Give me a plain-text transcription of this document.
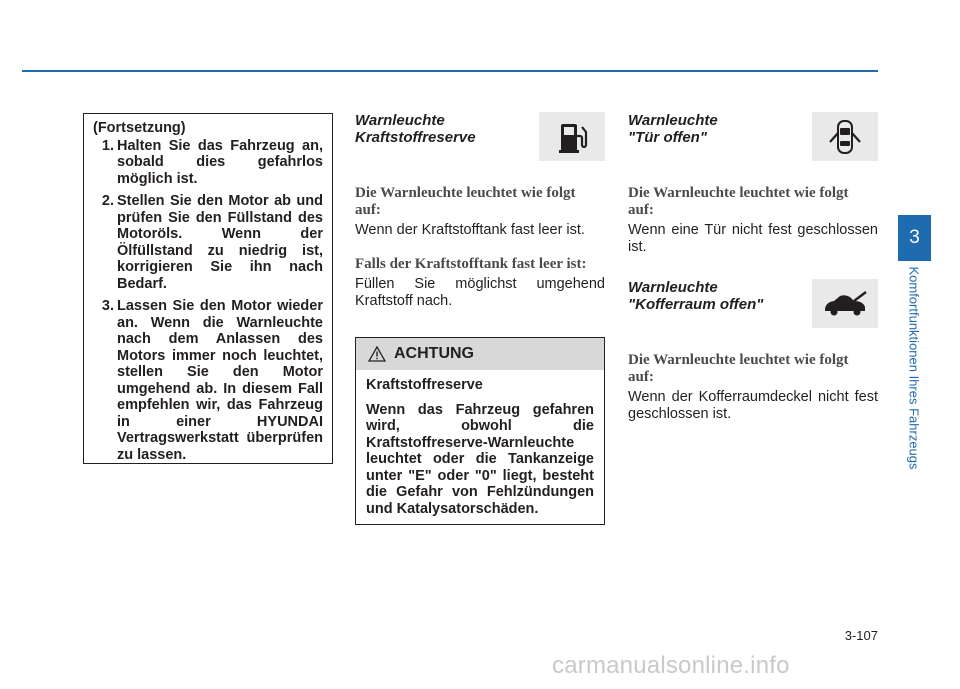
(Fortsetzung)
1. Halten Sie das Fahrzeug an, sobald dies gefahrlos möglich ist.
2. Stellen Sie den Motor ab und prüfen Sie den Füllstand des Motoröls. Wenn der Ölfüllstand zu niedrig ist, korrigieren Sie ihn nach Bedarf.
3. Lassen Sie den Motor wieder an. Wenn die Warnleuchte nach dem Anlassen des Motors immer noch leuchtet, stellen Sie den Motor umgehend ab. In diesem Fall empfehlen wir, das Fahrzeug in einer HYUNDAI Vertragswerkstatt überprüfen zu lassen.
Warnleuchte
Kraftstoffreserve
Die Warnleuchte leuchtet wie folgt auf:
Wenn der Kraftstofftank fast leer ist.
Falls der Kraftstofftank fast leer ist:
Füllen Sie möglichst umgehend Kraftstoff nach.
ACHTUNG
Kraftstoffreserve
Wenn das Fahrzeug gefahren wird, obwohl die Kraftstoffreserve-Warnleuchte leuchtet oder die Tankanzeige unter "E" oder "0" liegt, besteht die Gefahr von Fehlzündungen und Katalysatorschäden.
Warnleuchte
"Tür offen"
Die Warnleuchte leuchtet wie folgt auf:
Wenn eine Tür nicht fest geschlossen ist.
Warnleuchte
"Kofferraum offen"
Die Warnleuchte leuchtet wie folgt auf:
Wenn der Kofferraumdeckel nicht fest geschlossen ist.
3
Komfortfunktionen Ihres Fahrzeugs
3-107
carmanualsonline.info
